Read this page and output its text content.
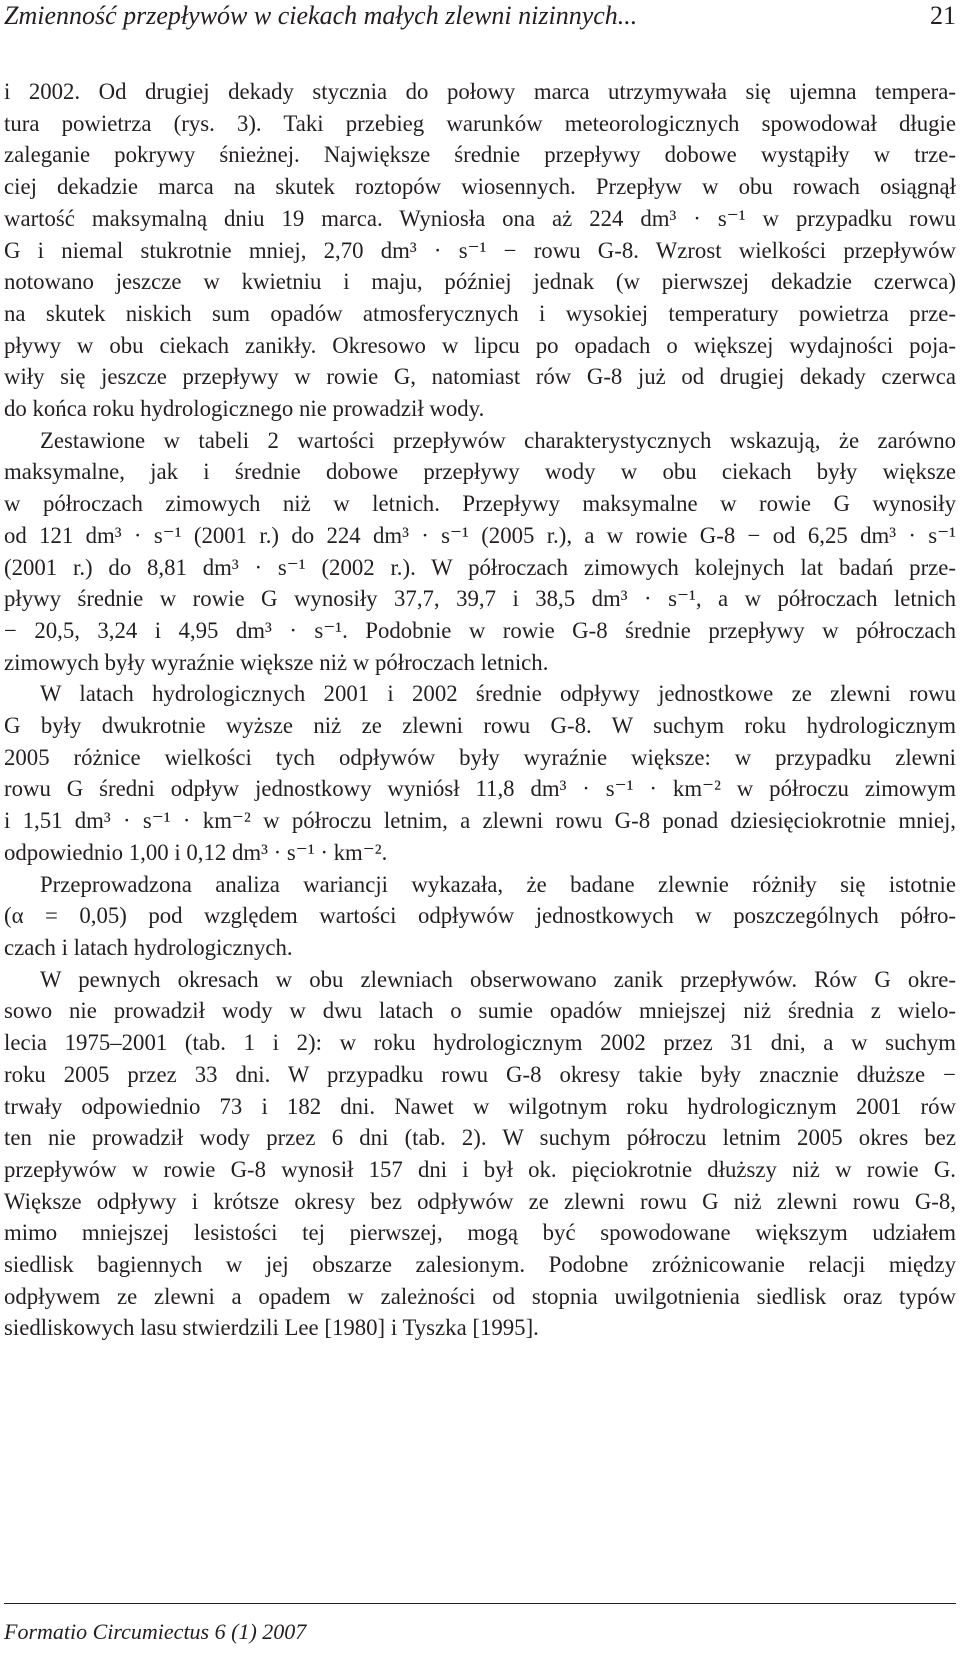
Zmienność przepływów w ciekach małych zlewni nizinnych...	21

i 2002. Od drugiej dekady stycznia do połowy marca utrzymywała się ujemna tempera-
tura powietrza (rys. 3). Taki przebieg warunków meteorologicznych spowodował długie
zaleganie pokrywy śnieżnej. Największe średnie przepływy dobowe wystąpiły w trze-
ciej dekadzie marca na skutek roztopów wiosennych. Przepływ w obu rowach osiągnął
wartość maksymalną dniu 19 marca. Wyniosła ona aż 224 dm³ · s⁻¹ w przypadku rowu
G i niemal stukrotnie mniej, 2,70 dm³ · s⁻¹ − rowu G-8. Wzrost wielkości przepływów
notowano jeszcze w kwietniu i maju, później jednak (w pierwszej dekadzie czerwca)
na skutek niskich sum opadów atmosferycznych i wysokiej temperatury powietrza prze-
pływy w obu ciekach zanikły. Okresowo w lipcu po opadach o większej wydajności poja-
wiły się jeszcze przepływy w rowie G, natomiast rów G-8 już od drugiej dekady czerwca
do końca roku hydrologicznego nie prowadził wody.

Zestawione w tabeli 2 wartości przepływów charakterystycznych wskazują, że zarówno
maksymalne, jak i średnie dobowe przepływy wody w obu ciekach były większe
w półroczach zimowych niż w letnich. Przepływy maksymalne w rowie G wynosiły
od 121 dm³ · s⁻¹ (2001 r.) do 224 dm³ · s⁻¹ (2005 r.), a w rowie G-8 − od 6,25 dm³ · s⁻¹
(2001 r.) do 8,81 dm³ · s⁻¹ (2002 r.). W półroczach zimowych kolejnych lat badań prze-
pływy średnie w rowie G wynosiły 37,7, 39,7 i 38,5 dm³ · s⁻¹, a w półroczach letnich
− 20,5, 3,24 i 4,95 dm³ · s⁻¹. Podobnie w rowie G-8 średnie przepływy w półroczach
zimowych były wyraźnie większe niż w półroczach letnich.

W latach hydrologicznych 2001 i 2002 średnie odpływy jednostkowe ze zlewni rowu
G były dwukrotnie wyższe niż ze zlewni rowu G-8. W suchym roku hydrologicznym
2005 różnice wielkości tych odpływów były wyraźnie większe: w przypadku zlewni
rowu G średni odpływ jednostkowy wyniósł 11,8 dm³ · s⁻¹ · km⁻² w półroczu zimowym
i 1,51 dm³ · s⁻¹ · km⁻² w półroczu letnim, a zlewni rowu G-8 ponad dziesięciokrotnie mniej,
odpowiednio 1,00 i 0,12 dm³ · s⁻¹ · km⁻².

Przeprowadzona analiza wariancji wykazała, że badane zlewnie różniły się istotnie
(α = 0,05) pod względem wartości odpływów jednostkowych w poszczególnych półro-
czach i latach hydrologicznych.

W pewnych okresach w obu zlewniach obserwowano zanik przepływów. Rów G okre-
sowo nie prowadził wody w dwu latach o sumie opadów mniejszej niż średnia z wielo-
lecia 1975–2001 (tab. 1 i 2): w roku hydrologicznym 2002 przez 31 dni, a w suchym
roku 2005 przez 33 dni. W przypadku rowu G-8 okresy takie były znacznie dłuższe −
trwały odpowiednio 73 i 182 dni. Nawet w wilgotnym roku hydrologicznym 2001 rów
ten nie prowadził wody przez 6 dni (tab. 2). W suchym półroczu letnim 2005 okres bez
przepływów w rowie G-8 wynosił 157 dni i był ok. pięciokrotnie dłuższy niż w rowie G.
Większe odpływy i krótsze okresy bez odpływów ze zlewni rowu G niż zlewni rowu G-8,
mimo mniejszej lesistości tej pierwszej, mogą być spowodowane większym udziałem
siedlisk bagiennych w jej obszarze zalesionym. Podobne zróżnicowanie relacji między
odpływem ze zlewni a opadem w zależności od stopnia uwilgotnienia siedlisk oraz typów
siedliskowych lasu stwierdzili Lee [1980] i Tyszka [1995].

Formatio Circumiectus 6 (1) 2007
